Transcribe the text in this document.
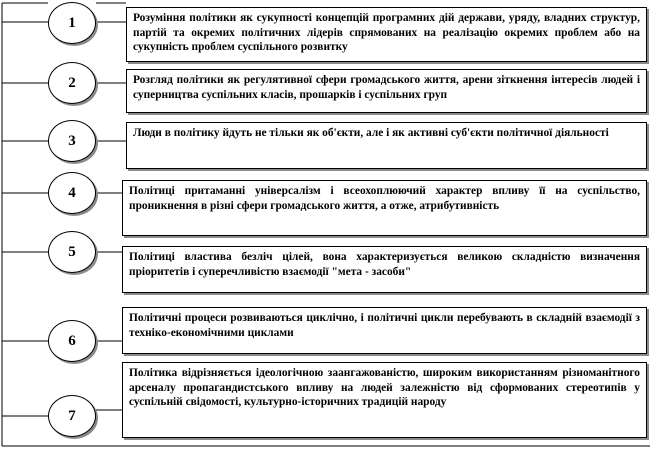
1
2
3
4
5
6
7
Розуміння політики як сукупності концепцій програмних дій держави, уряду, владних структур, партій та окремих політичних лідерів спрямованих на реалізацію окремих проблем або на сукупність проблем суспільного розвитку
Розгляд політики як регулятивної сфери громадського життя, арени зіткнення інтересів людей і суперництва суспільних класів, прошарків і суспільних груп
Люди в політику йдуть не тільки як об'єкти, але і як активні суб'єкти політичної діяльності
Політиці притаманні універсалізм і всеохоплюючий характер впливу її на суспільство, проникнення в різні сфери громадського життя, а отже, атрибутивність
Політиці властива безліч цілей, вона характеризується великою складністю визначення пріоритетів і суперечливістю взаємодії "мета - засоби"
Політичні процеси розвиваються циклічно, і політичні цикли перебувають в складній взаємодії з техніко-економічними циклами
Політика відрізняється ідеологічною заангажованістю, широким використанням різноманітного арсеналу пропагандистського впливу на людей залежністю від сформованих стереотипів у суспільній свідомості, культурно-історичних традицій народу
